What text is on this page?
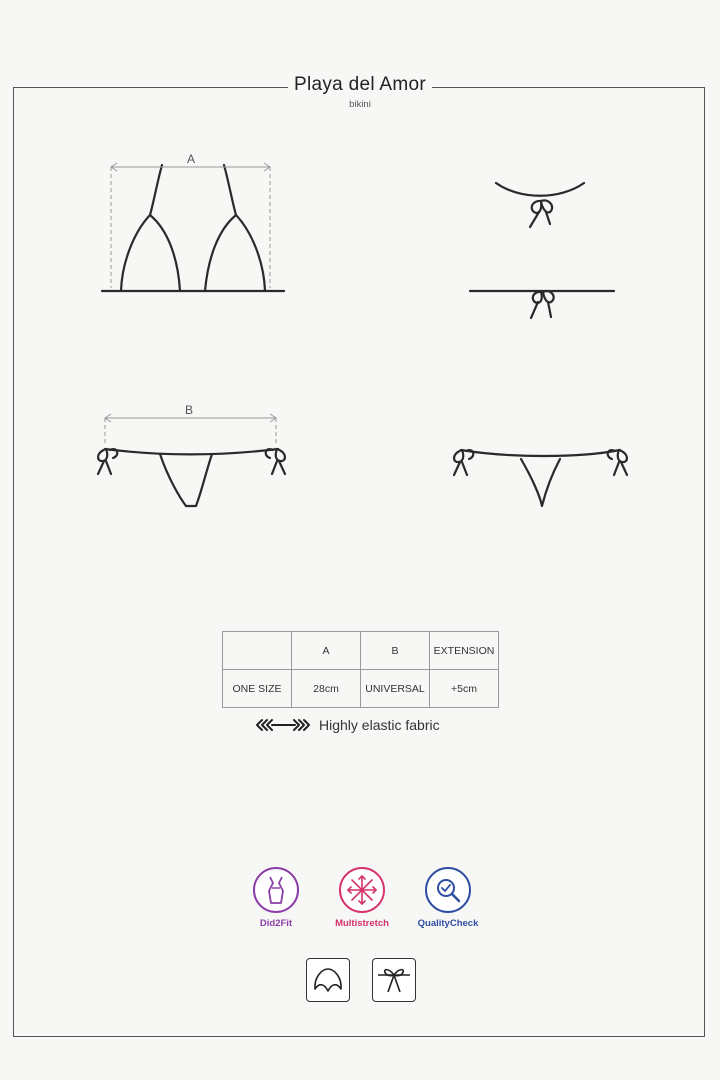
Playa del Amor
bikini
A
B
	A	B	EXTENSION
ONE SIZE	28cm	UNIVERSAL	+5cm
Highly elastic fabric
Did2Fit	Multistretch	QualityCheck
